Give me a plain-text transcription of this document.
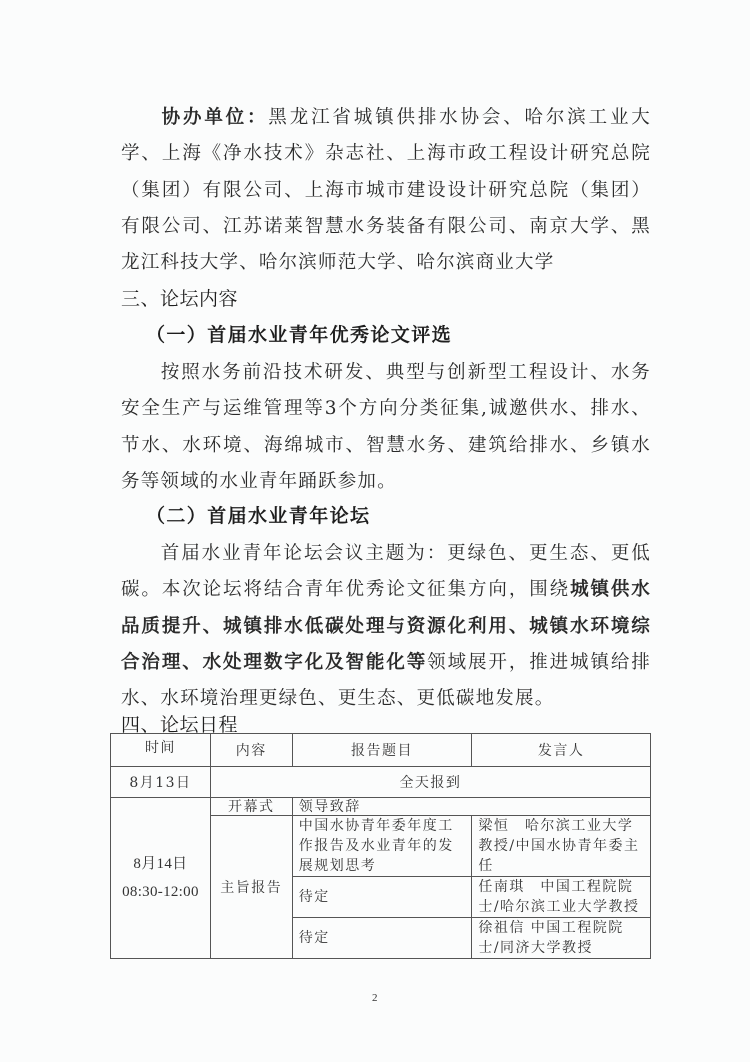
协办单位：黑龙江省城镇供排水协会、哈尔滨工业大学、上海《净水技术》杂志社、上海市政工程设计研究总院（集团）有限公司、上海市城市建设设计研究总院（集团）有限公司、江苏诺莱智慧水务装备有限公司、南京大学、黑龙江科技大学、哈尔滨师范大学、哈尔滨商业大学
三、论坛内容
（一）首届水业青年优秀论文评选
按照水务前沿技术研发、典型与创新型工程设计、水务安全生产与运维管理等3个方向分类征集,诚邀供水、排水、节水、水环境、海绵城市、智慧水务、建筑给排水、乡镇水务等领域的水业青年踊跃参加。
（二）首届水业青年论坛
首届水业青年论坛会议主题为：更绿色、更生态、更低碳。本次论坛将结合青年优秀论文征集方向，围绕城镇供水品质提升、城镇排水低碳处理与资源化利用、城镇水环境综合治理、水处理数字化及智能化等领域展开，推进城镇给排水、水环境治理更绿色、更生态、更低碳地发展。
四、论坛日程
时间	内容	报告题目	发言人
8月13日	全天报到		

8月14日
08:30-12:00	开幕式	领导致辞	
	主旨报告	中国水协青年委年度工作报告及水业青年的发展规划思考	梁恒　哈尔滨工业大学教授/中国水协青年委主任
		待定	任南琪　中国工程院院士/哈尔滨工业大学教授
		待定	徐祖信 中国工程院院士/同济大学教授
2
